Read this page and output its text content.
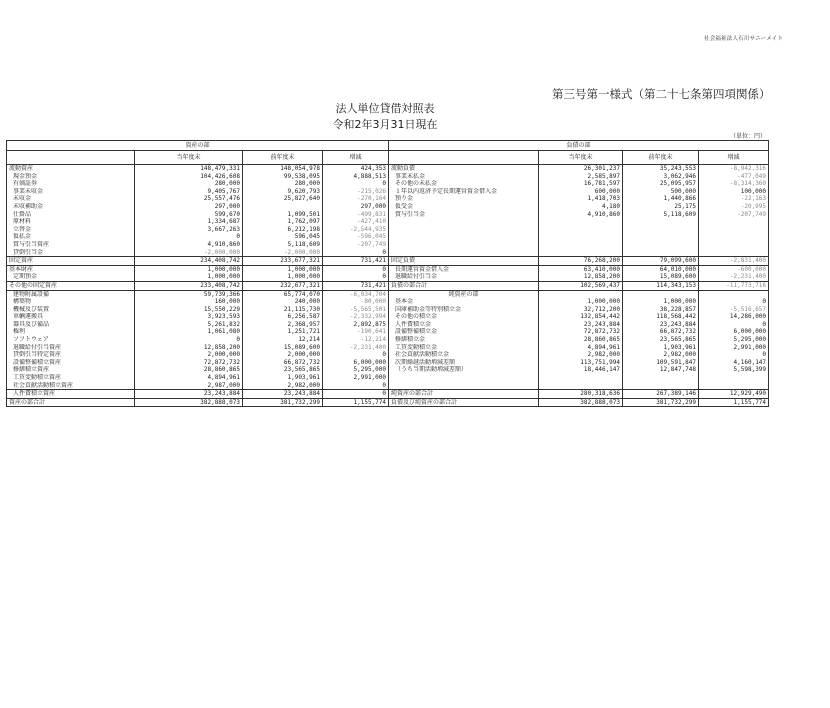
社会福祉法人石川サニーメイト
第三号第一様式（第二十七条第四項関係）
法人単位貸借対照表
令和2年3月31日現在
（単位：円）
資産の部				負債の部			
	当年度末	前年度末	増減		当年度末	前年度末	増減
流動資産	148,479,331	148,054,978	424,353	流動負債	26,301,237	35,243,553	-8,942,316
現金預金	104,426,608	99,538,095	4,888,513	事業未払金	2,585,897	3,062,946	-477,049
有価証券	280,000	280,000	0	その他の未払金	16,781,597	25,095,957	-8,314,360
事業未収金	9,405,767	9,620,793	-215,026	１年以内返済予定長期運営資金借入金	600,000	500,000	100,000
未収金	25,557,476	25,827,640	-270,164	預り金	1,418,703	1,440,866	-22,163
未収補助金	297,000		297,000	仮受金	4,180	25,175	-20,995
仕掛品	599,670	1,099,501	-499,831	賞与引当金	4,910,860	5,118,609	-207,749
原材料	1,334,687	1,762,097	-427,410				
立替金	3,667,263	6,212,198	-2,544,935				
仮払金	0	596,045	-596,045				
賞与引当資産	4,910,860	5,118,609	-207,749				
貸倒引当金	-2,000,000	-2,000,000	0				
固定資産	234,408,742	233,677,321	731,421	固定負債	76,268,200	79,099,600	-2,831,400
基本財産	1,000,000	1,000,000	0	長期運営資金借入金	63,410,000	64,010,000	-600,000
定期預金	1,000,000	1,000,000	0	退職給付引当金	12,858,200	15,089,600	-2,231,400
その他の固定資産	233,408,742	232,677,321	731,421	負債の部合計	102,569,437	114,343,153	-11,773,716
建物附属設備	59,739,366	65,774,070	-6,034,704	純資産の部			
構築物	160,000	240,000	-80,000	基本金	1,000,000	1,000,000	0
機械及び装置	15,550,229	21,115,730	-5,565,501	国庫補助金等特別積立金	32,712,200	38,228,857	-5,516,657
車輌運搬具	3,923,593	6,256,587	-2,332,994	その他の積立金	132,854,442	118,568,442	14,286,000
器具及び備品	5,261,832	2,368,957	2,892,875	人件費積立金	23,243,884	23,243,884	0
権利	1,061,080	1,251,721	-190,641	設備整備積立金	72,872,732	66,872,732	6,000,000
ソフトウェア	0	12,214	-12,214	修繕積立金	28,860,865	23,565,865	5,295,000
退職給付引当資産	12,858,200	15,089,600	-2,231,400	工賃変動積立金	4,894,961	1,903,961	2,991,000
貸倒引当特定資産	2,000,000	2,000,000	0	社会貢献活動積立金	2,982,000	2,982,000	0
設備整備積立資産	72,872,732	66,872,732	6,000,000	次期繰越活動増減差額	113,751,994	109,591,847	4,160,147
修繕積立資産	28,860,865	23,565,865	5,295,000	（うち当期活動増減差額）	18,446,147	12,847,748	5,598,399
工賃変動積立資産	4,894,961	1,903,961	2,991,000				
社会貢献活動積立資産	2,987,000	2,982,000	0				
人件費積立資産	23,243,884	23,243,884	0	純資産の部合計	280,318,636	267,389,146	12,929,490
資産の部合計	382,888,073	381,732,299	1,155,774	負債及び純資産の部合計	382,888,073	381,732,299	1,155,774
